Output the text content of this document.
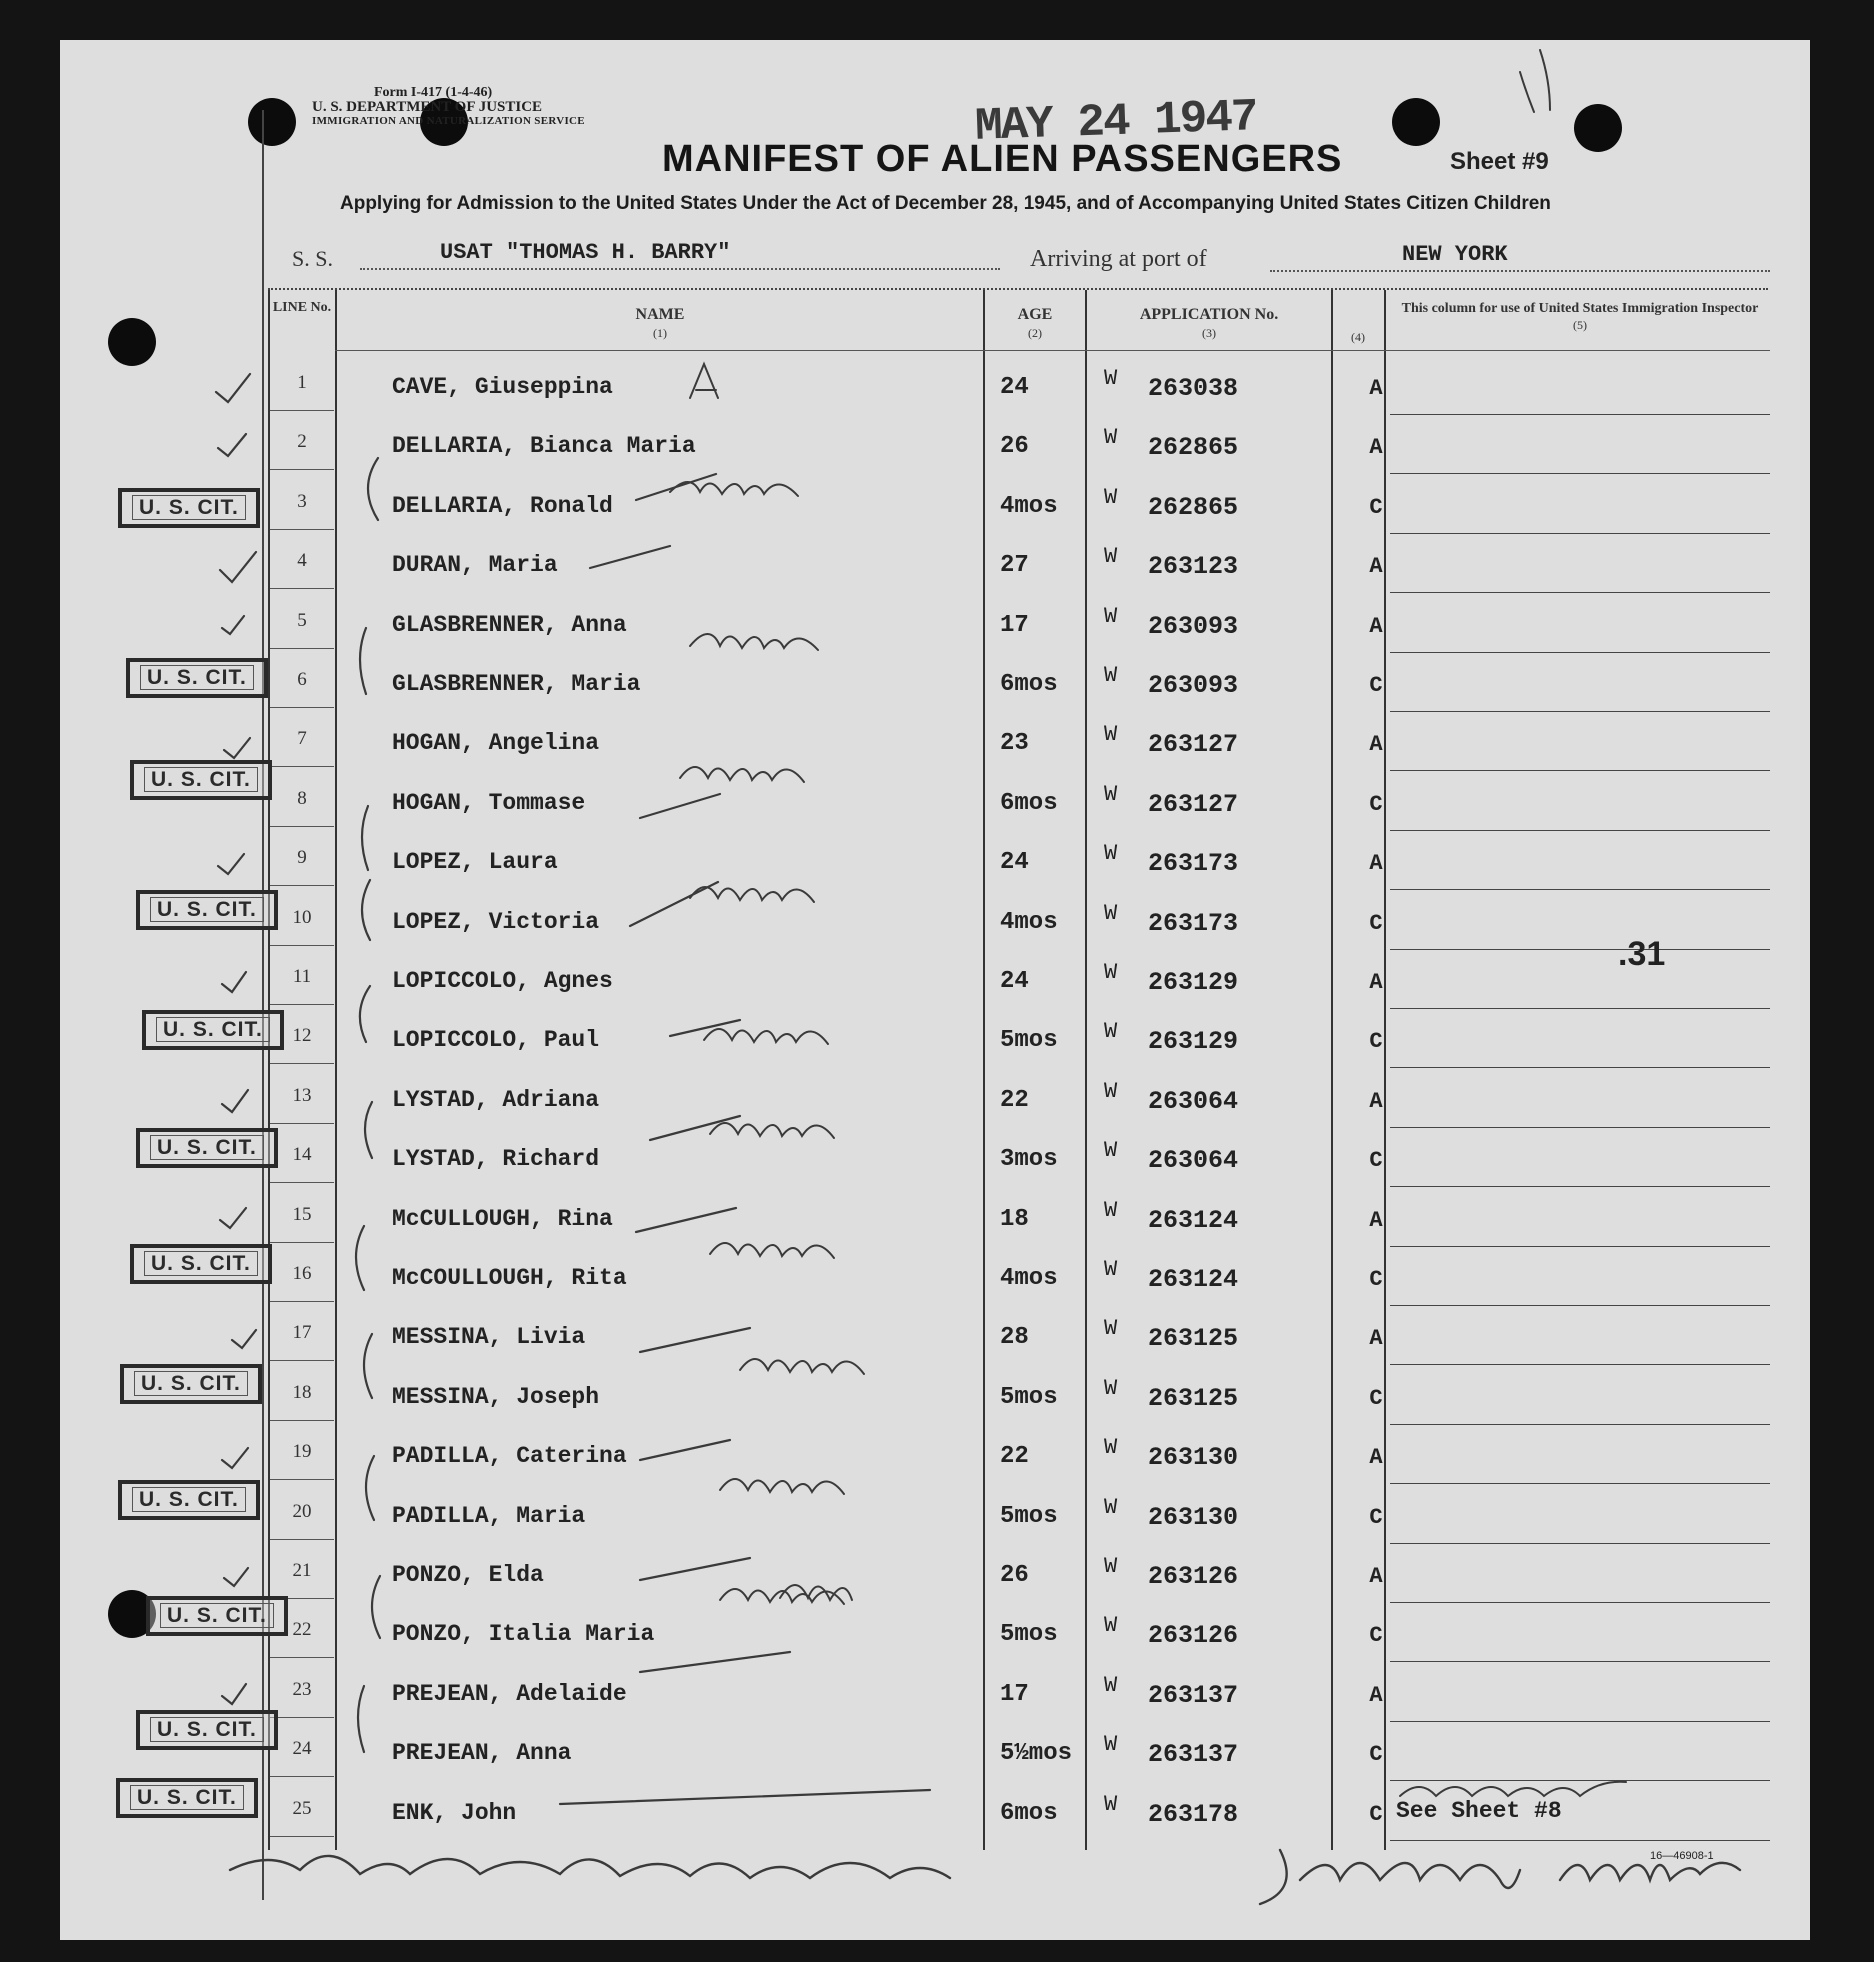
Form I-417 (1-4-46)
U. S. DEPARTMENT OF JUSTICE
IMMIGRATION AND NATURALIZATION SERVICE	MAY 24 1947
MANIFEST OF ALIEN PASSENGERS	Sheet #9
Applying for Admission to the United States Under the Act of December 28, 1945, and of Accompanying United States Citizen Children
S. S.	USAT "THOMAS H. BARRY"	Arriving at port of	NEW YORK
LINE No.	NAME
(1)
AGE
(2)
APPLICATION No.
(3)	(4)
This column for use of United States Immigration Inspector
(5)
1	CAVE, Giuseppina	24	W 263038	A
2	DELLARIA, Bianca Maria	26	W 262865	A
3	DELLARIA, Ronald	4mos W 262865	C
4	DURAN, Maria	27	W 263123	A
5	GLASBRENNER, Anna	17	W 263093	A
6	GLASBRENNER, Maria	6mos W 263093	C
7	HOGAN, Angelina	23	W 263127	A
8	HOGAN, Tommase	6mos W 263127	C
9	LOPEZ, Laura	24	W 263173	A
10	LOPEZ, Victoria	4mos W 263173	C
11	LOPICCOLO, Agnes	24	W 263129	A
12	LOPICCOLO, Paul	5mos W 263129	C
13	LYSTAD, Adriana	22	W 263064	A
14	LYSTAD, Richard	3mos W 263064	C
15	McCULLOUGH, Rina	18	W 263124	A
16	McCOULLOUGH, Rita	4mos W 263124	C
17	MESSINA, Livia	28	W 263125	A
18	MESSINA, Joseph	5mos W 263125	C
19	PADILLA, Caterina	22	W 263130	A
20	PADILLA, Maria	5mos W 263130	C
21	PONZO, Elda	26	W 263126	A
22	PONZO, Italia Maria	5mos W 263126	C
23	PREJEAN, Adelaide	17	W 263137	A
24	PREJEAN, Anna	5½mos W 263137	C
25	ENK, John	6mos W 263178	C
U. S. CIT.
U. S. CIT.
U. S. CIT.
U. S. CIT.
U. S. CIT.
U. S. CIT.
U. S. CIT.
U. S. CIT.
U. S. CIT.
U. S. CIT.
U. S. CIT.
U. S. CIT.
.31
See Sheet #8
16—46908-1
